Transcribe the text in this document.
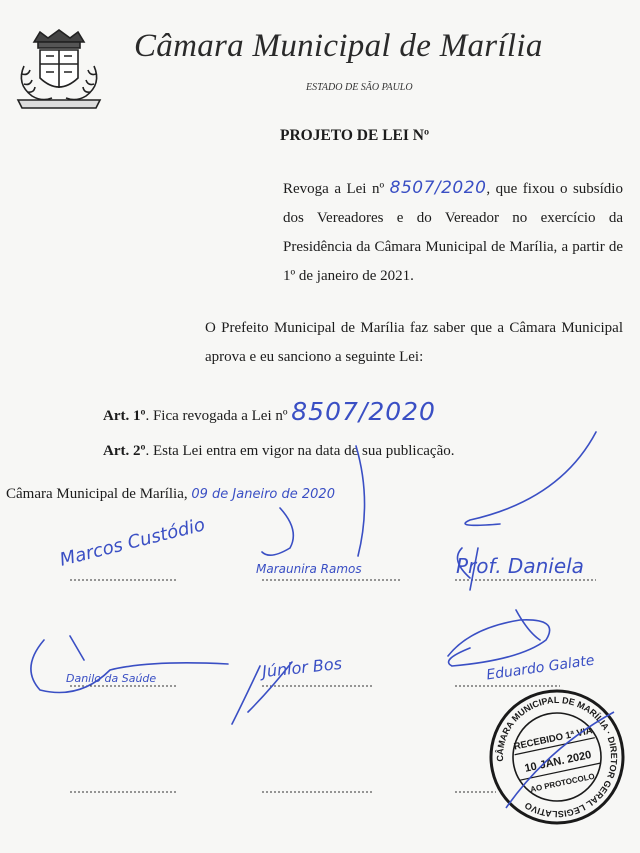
Câmara Municipal de Marília
ESTADO DE SÃO PAULO
PROJETO DE LEI Nº
Revoga a Lei nº 8507/2020, que fixou o subsídio dos Vereadores e do Vereador no exercício da Presidência da Câmara Municipal de Marília, a partir de 1º de janeiro de 2021.
O Prefeito Municipal de Marília faz saber que a Câmara Municipal aprova e eu sanciono a seguinte Lei:
Art. 1º. Fica revogada a Lei nº 8507/2020
Art. 2º. Esta Lei entra em vigor na data de sua publicação.
Câmara Municipal de Marília, 09 de Janeiro de 2020
Marcos Custódio	Maraunira Ramos	Prof. Daniela
Danilo da Saúde	Júnior Bos	Eduardo Galate
CÂMARA MUNICIPAL DE MARÍLIA · DIRETOR GERAL LEGISLATIVO
RECEBIDO 1ª VIA
10 JAN. 2020
AO PROTOCOLO
